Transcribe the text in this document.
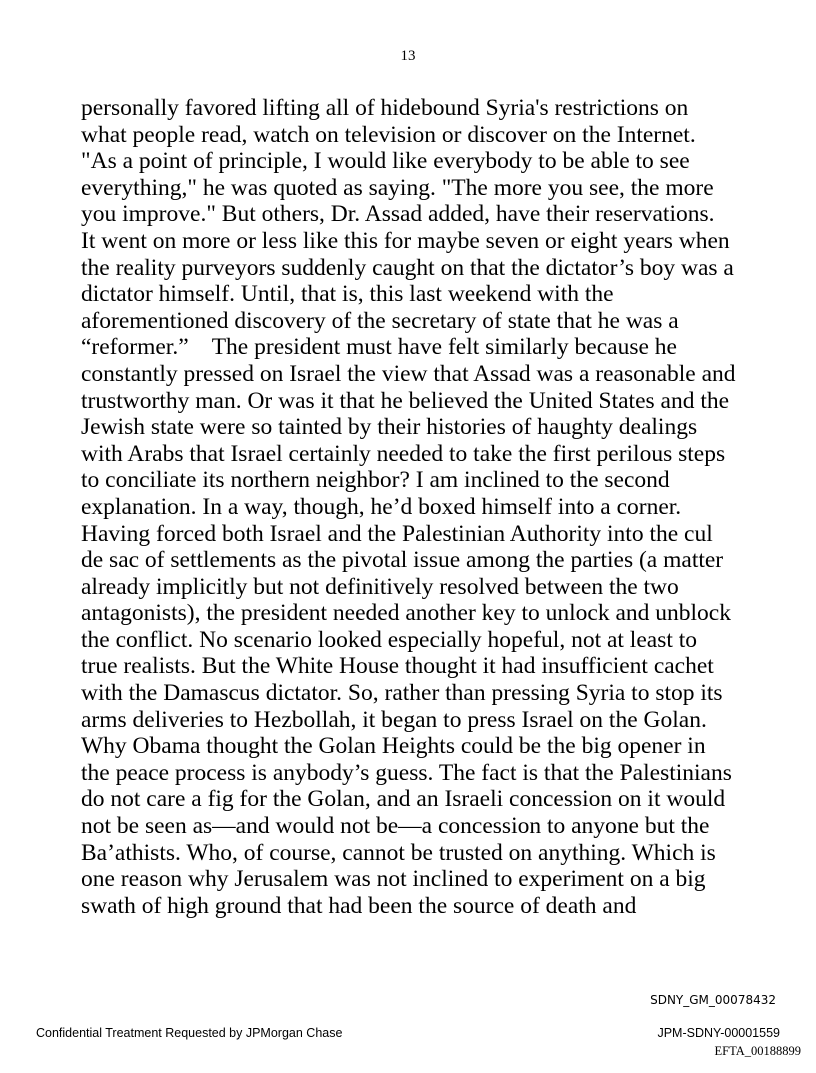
13
personally favored lifting all of hidebound Syria's restrictions on
what people read, watch on television or discover on the Internet.
"As a point of principle, I would like everybody to be able to see
everything," he was quoted as saying. "The more you see, the more
you improve." But others, Dr. Assad added, have their reservations.
It went on more or less like this for maybe seven or eight years when
the reality purveyors suddenly caught on that the dictator’s boy was a
dictator himself. Until, that is, this last weekend with the
aforementioned discovery of the secretary of state that he was a
“reformer.”    The president must have felt similarly because he
constantly pressed on Israel the view that Assad was a reasonable and
trustworthy man. Or was it that he believed the United States and the
Jewish state were so tainted by their histories of haughty dealings
with Arabs that Israel certainly needed to take the first perilous steps
to conciliate its northern neighbor? I am inclined to the second
explanation. In a way, though, he’d boxed himself into a corner.
Having forced both Israel and the Palestinian Authority into the cul
de sac of settlements as the pivotal issue among the parties (a matter
already implicitly but not definitively resolved between the two
antagonists), the president needed another key to unlock and unblock
the conflict. No scenario looked especially hopeful, not at least to
true realists. But the White House thought it had insufficient cachet
with the Damascus dictator. So, rather than pressing Syria to stop its
arms deliveries to Hezbollah, it began to press Israel on the Golan.
Why Obama thought the Golan Heights could be the big opener in
the peace process is anybody’s guess. The fact is that the Palestinians
do not care a fig for the Golan, and an Israeli concession on it would
not be seen as—and would not be—a concession to anyone but the
Ba’athists. Who, of course, cannot be trusted on anything. Which is
one reason why Jerusalem was not inclined to experiment on a big
swath of high ground that had been the source of death and
SDNY_GM_00078432
Confidential Treatment Requested by JPMorgan Chase	JPM-SDNY-00001559
EFTA_00188899
